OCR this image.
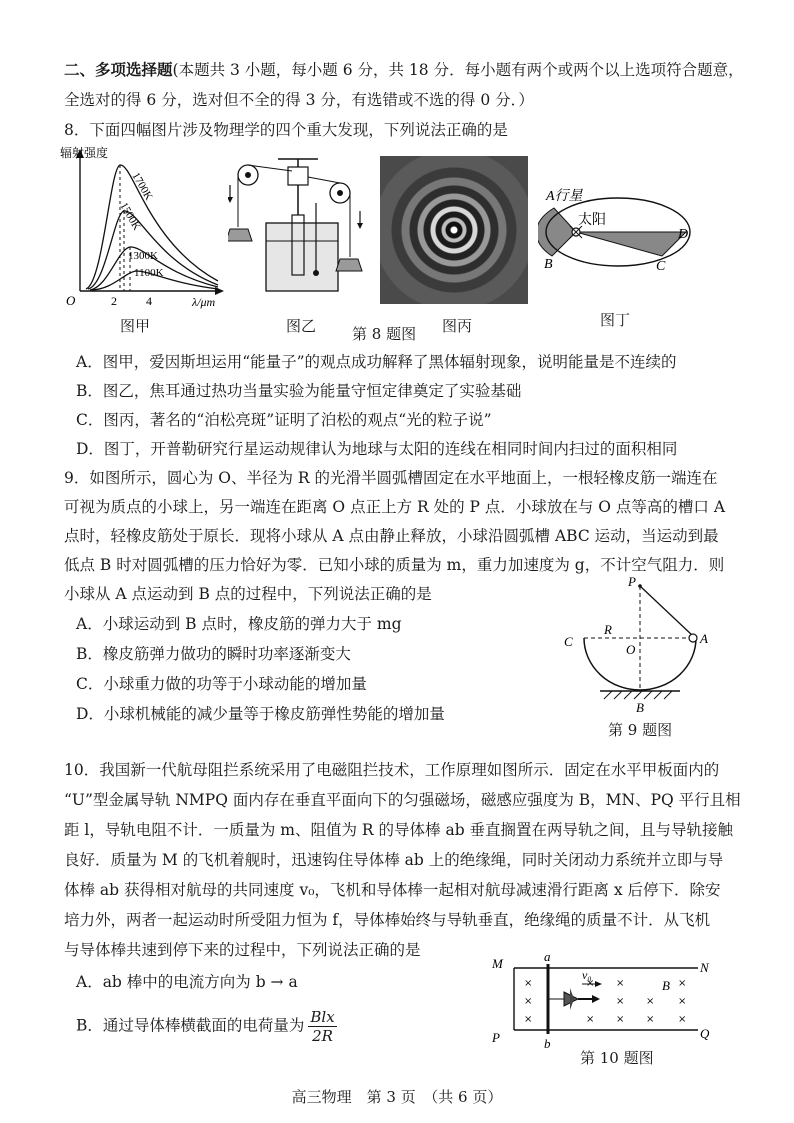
二、多项选择题(本题共 3 小题，每小题 6 分，共 18 分．每小题有两个或两个以上选项符合题意，
全选对的得 6 分，选对但不全的得 3 分，有选错或不选的得 0 分．）
8．下面四幅图片涉及物理学的四个重大发现，下列说法正确的是
辐射强度
O	2 4	λ/μm
1700K
1500K
1300K
1100K
图甲	图乙	图丙
第 8 题图
A行星
太阳
B	C
D
图丁
A．图甲，爱因斯坦运用“能量子”的观点成功解释了黑体辐射现象，说明能量是不连续的
B．图乙，焦耳通过热功当量实验为能量守恒定律奠定了实验基础
C．图丙，著名的“泊松亮斑”证明了泊松的观点“光的粒子说”
D．图丁，开普勒研究行星运动规律认为地球与太阳的连线在相同时间内扫过的面积相同
9．如图所示，圆心为 O、半径为 R 的光滑半圆弧槽固定在水平地面上，一根轻橡皮筋一端连在
可视为质点的小球上，另一端连在距离 O 点正上方 R 处的 P 点．小球放在与 O 点等高的槽口 A
点时，轻橡皮筋处于原长．现将小球从 A 点由静止释放，小球沿圆弧槽 ABC 运动，当运动到最
低点 B 时对圆弧槽的压力恰好为零．已知小球的质量为 m，重力加速度为 g，不计空气阻力．则
小球从 A 点运动到 B 点的过程中，下列说法正确的是
A．小球运动到 B 点时，橡皮筋的弹力大于 mg
B．橡皮筋弹力做功的瞬时功率逐渐变大
C．小球重力做的功等于小球动能的增加量
D．小球机械能的减少量等于橡皮筋弹性势能的增加量
P
C
R
O
A
B
第 9 题图
10．我国新一代航母阻拦系统采用了电磁阻拦技术，工作原理如图所示．固定在水平甲板面内的
“U”型金属导轨 NMPQ 面内存在垂直平面向下的匀强磁场，磁感应强度为 B，MN、PQ 平行且相
距 l，导轨电阻不计．一质量为 m、阻值为 R 的导体棒 ab 垂直搁置在两导轨之间，且与导轨接触
良好．质量为 M 的飞机着舰时，迅速钩住导体棒 ab 上的绝缘绳，同时关闭动力系统并立即与导
体棒 ab 获得相对航母的共同速度 v₀，飞机和导体棒一起相对航母减速滑行距离 x 后停下．除安
培力外，两者一起运动时所受阻力恒为 f，导体棒始终与导轨垂直，绝缘绳的质量不计．从飞机
与导体棒共速到停下来的过程中，下列说法正确的是
A．ab 棒中的电流方向为 b → a
B．通过导体棒横截面的电荷量为 $\frac{\text{Blx}}{2R}$
×
×
×
×
×
×
×
×
×
×
×
×
×
M	N
P	Q
a
b
v₀
B
第 10 题图
高三物理　第 3 页　（共 6 页）
